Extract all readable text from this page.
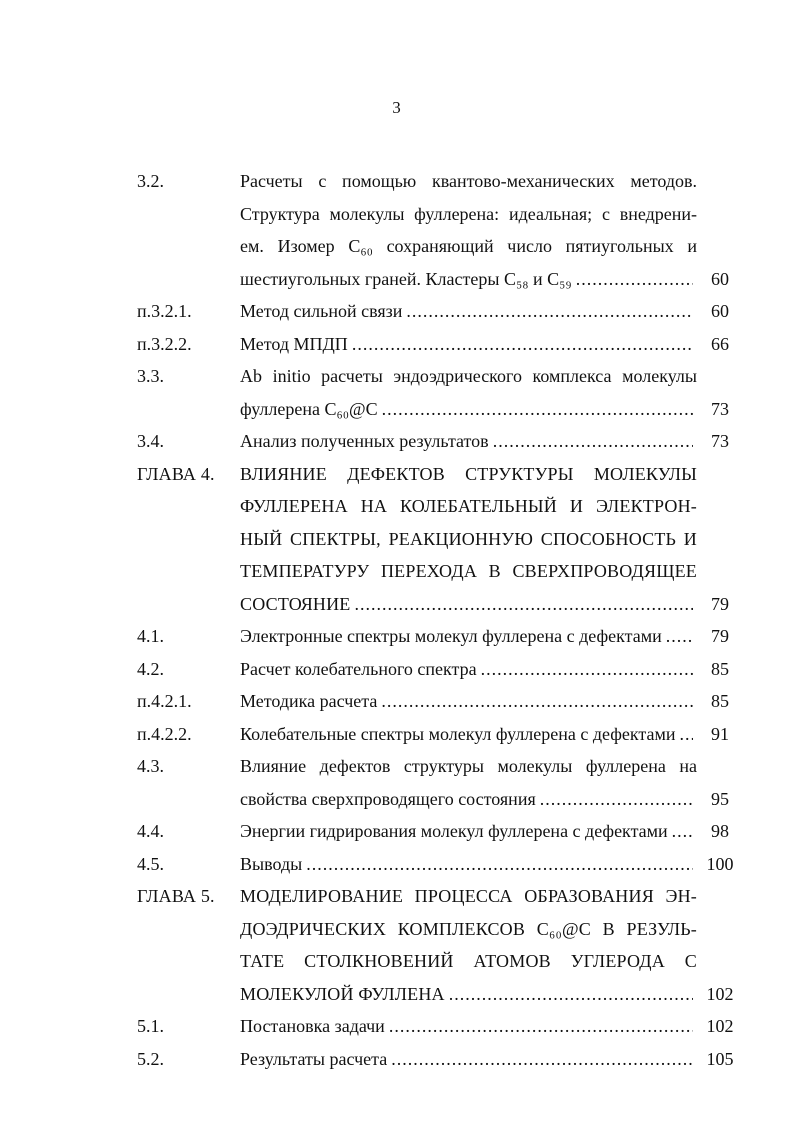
3
3.2.	Расчеты с помощью квантово-механических методов.
Структура молекулы фуллерена: идеальная; с внедрени-
ем. Изомер C₆₀ сохраняющий число пятиугольных и
шестиугольных граней. Кластеры C₅₈ и C₅₉ .....	60
п.3.2.1.	Метод сильной связи .....	60
п.3.2.2.	Метод МПДП .....	66
3.3.	Ab initio расчеты эндоэдрического комплекса молекулы
фуллерена C₆₀@C .....	73
3.4.	Анализ полученных результатов .....	73
ГЛАВА 4.	ВЛИЯНИЕ ДЕФЕКТОВ СТРУКТУРЫ МОЛЕКУЛЫ
ФУЛЛЕРЕНА НА КОЛЕБАТЕЛЬНЫЙ И ЭЛЕКТРОН-
НЫЙ СПЕКТРЫ, РЕАКЦИОННУЮ СПОСОБНОСТЬ И
ТЕМПЕРАТУРУ ПЕРЕХОДА В СВЕРХПРОВОДЯЩЕЕ
СОСТОЯНИЕ .....	79
4.1.	Электронные спектры молекул фуллерена с дефектами .....	79
4.2.	Расчет колебательного спектра .....	85
п.4.2.1.	Методика расчета .....	85
п.4.2.2.	Колебательные спектры молекул фуллерена с дефектами .....	91
4.3.	Влияние дефектов структуры молекулы фуллерена на
свойства сверхпроводящего состояния .....	95
4.4.	Энергии гидрирования молекул фуллерена с дефектами .....	98
4.5.	Выводы .....	100
ГЛАВА 5.	МОДЕЛИРОВАНИЕ ПРОЦЕССА ОБРАЗОВАНИЯ ЭН-
ДОЭДРИЧЕСКИХ КОМПЛЕКСОВ C₆₀@C В РЕЗУЛЬ-
ТАТЕ СТОЛКНОВЕНИЙ АТОМОВ УГЛЕРОДА С
МОЛЕКУЛОЙ ФУЛЛЕНА .....	102
5.1.	Постановка задачи .....	102
5.2.	Результаты расчета .....	105
